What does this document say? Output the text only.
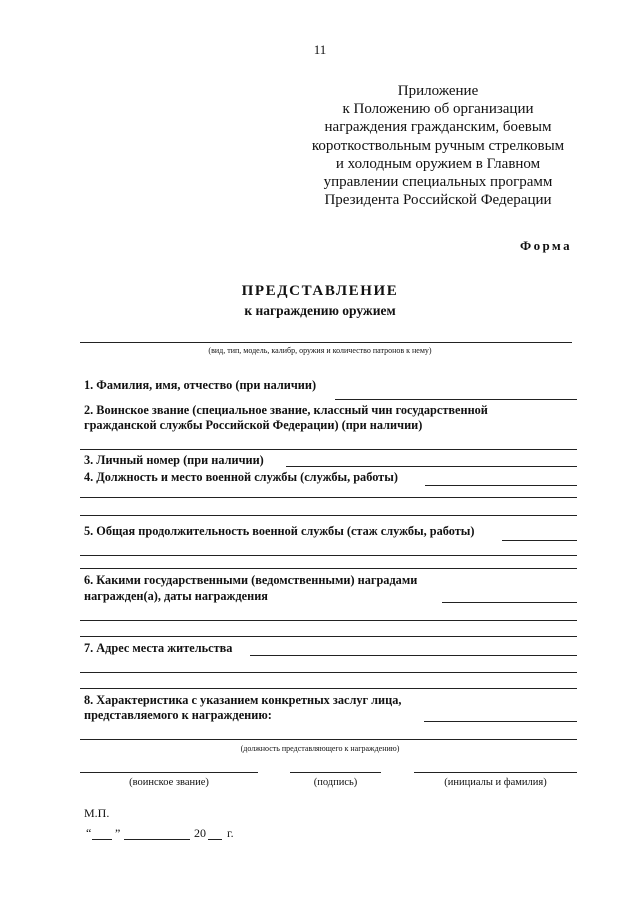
11
Приложение
к Положению об организации
награждения гражданским, боевым
короткоствольным ручным стрелковым
и холодным оружием в Главном
управлении специальных программ
Президента Российской Федерации
Форма
ПРЕДСТАВЛЕНИЕ
к награждению оружием
(вид, тип, модель, калибр, оружия и количество патронов к нему)
1. Фамилия, имя, отчество (при наличии)
2. Воинское звание (специальное звание, классный чин государственной
гражданской службы Российской Федерации) (при наличии)
3. Личный номер (при наличии)
4. Должность и место военной службы (службы, работы)
5. Общая продолжительность военной службы (стаж службы, работы)
6. Какими государственными (ведомственными) наградами
награжден(а), даты награждения
7. Адрес места жительства
8. Характеристика с указанием конкретных заслуг лица,
представляемого к награждению:
(должность представляющего к награждению)
(воинское звание)	(подпись)	(инициалы и фамилия)
М.П.
“ ”	20 г.
